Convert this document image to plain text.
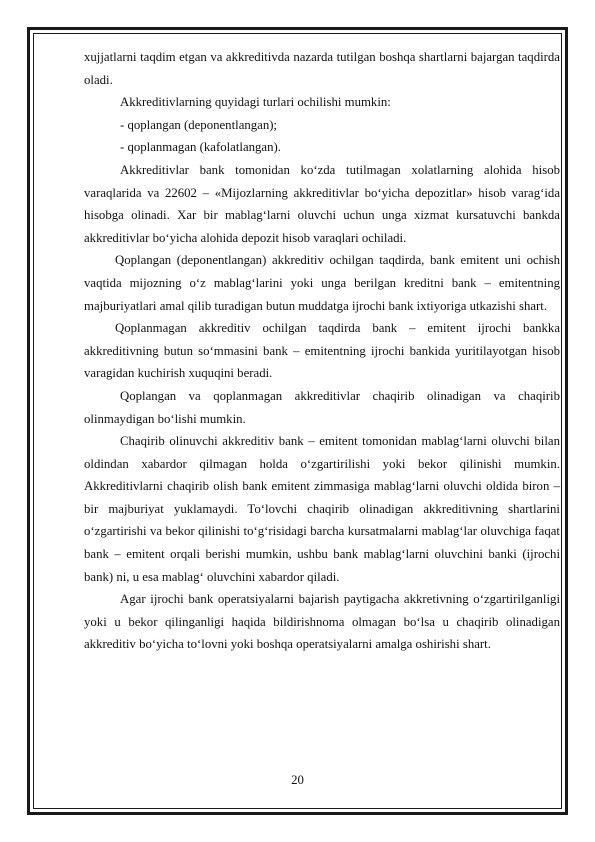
xujjatlarni taqdim etgan va akkreditivda nazarda tutilgan boshqa shartlarni bajargan taqdirda oladi.

Akkreditivlarning quyidagi turlari ochilishi mumkin:

- qoplangan (deponentlangan);

- qoplanmagan (kafolatlangan).

Akkreditivlar bank tomonidan ko‘zda tutilmagan xolatlarning alohida hisob varaqlarida va 22602 – «Mijozlarning akkreditivlar bo‘yicha depozitlar» hisob varag‘ida hisobga olinadi. Xar bir mablag‘larni oluvchi uchun unga xizmat kursatuvchi bankda akkreditivlar bo‘yicha alohida depozit hisob varaqlari ochiladi.

Qoplangan (deponentlangan) akkreditiv ochilgan taqdirda, bank emitent uni ochish vaqtida mijozning o‘z mablag‘larini yoki unga berilgan kreditni bank – emitentning majburiyatlari amal qilib turadigan butun muddatga ijrochi bank ixtiyoriga utkazishi shart.

Qoplanmagan akkreditiv ochilgan taqdirda bank – emitent ijrochi bankka akkreditivning butun so‘mmasini bank – emitentning ijrochi bankida yuritilayotgan hisob varagidan kuchirish xuquqini beradi.

Qoplangan va qoplanmagan akkreditivlar chaqirib olinadigan va chaqirib olinmaydigan bo‘lishi mumkin.

Chaqirib olinuvchi akkreditiv bank – emitent tomonidan mablag‘larni oluvchi bilan oldindan xabardor qilmagan holda o‘zgartirilishi yoki bekor qilinishi mumkin. Akkreditivlarni chaqirib olish bank emitent zimmasiga mablag‘larni oluvchi oldida biron – bir majburiyat yuklamaydi. To‘lovchi chaqirib olinadigan akkreditivning shartlarini o‘zgartirishi va bekor qilinishi to‘g‘risidagi barcha kursatmalarni mablag‘lar oluvchiga faqat bank – emitent orqali berishi mumkin, ushbu bank mablag‘larni oluvchini banki (ijrochi bank) ni, u esa mablag‘ oluvchini xabardor qiladi.

Agar ijrochi bank operatsiyalarni bajarish paytigacha akkretivning o‘zgartirilganligi yoki u bekor qilinganligi haqida bildirishnoma olmagan bo‘lsa u chaqirib olinadigan akkreditiv bo‘yicha to‘lovni yoki boshqa operatsiyalarni amalga oshirishi shart.

20
